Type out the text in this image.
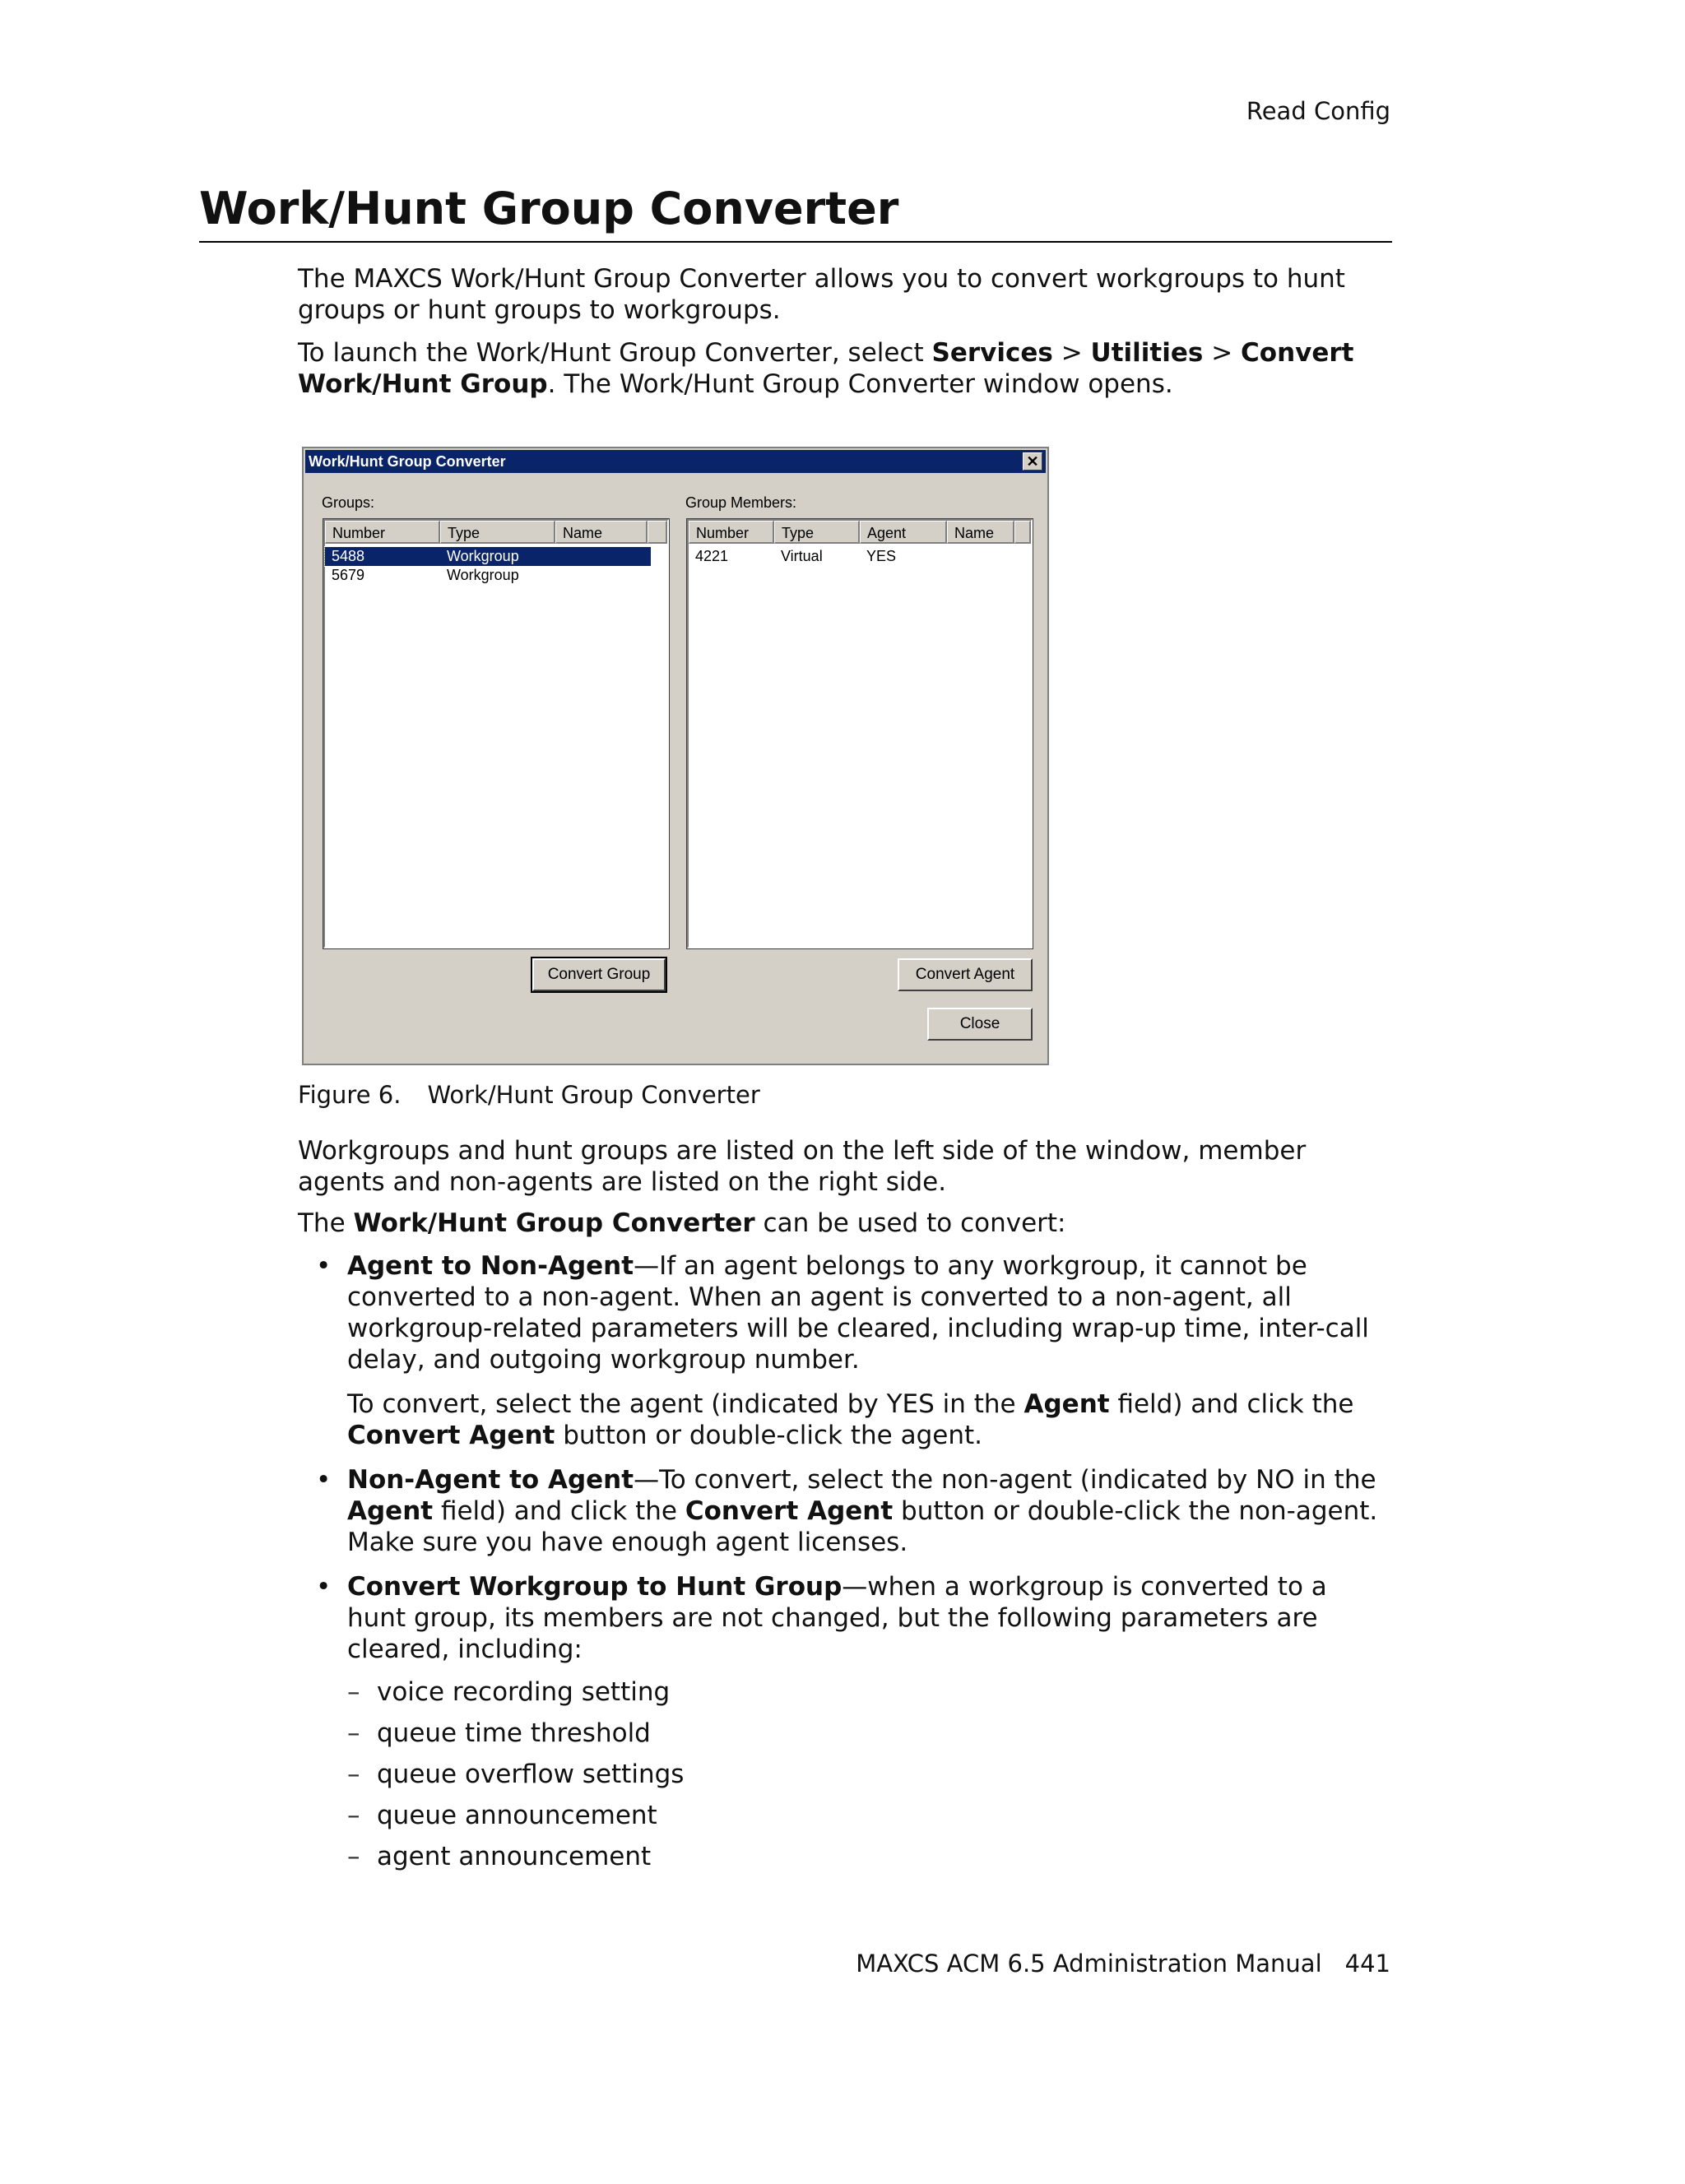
Read Config
Work/Hunt Group Converter

The MAXCS Work/Hunt Group Converter allows you to convert workgroups to hunt groups or hunt groups to workgroups.

To launch the Work/Hunt Group Converter, select Services > Utilities > Convert Work/Hunt Group. The Work/Hunt Group Converter window opens.

Work/Hunt Group Converter	✕
Groups:	Group Members:
Number	Type	Name
5488	Workgroup
5679	Workgroup
Number	Type	Agent	Name
4221	Virtual	YES
Convert Group	Convert Agent
Close
Figure 6. Work/Hunt Group Converter

Workgroups and hunt groups are listed on the left side of the window, member agents and non-agents are listed on the right side.

The Work/Hunt Group Converter can be used to convert:

• Agent to Non-Agent—If an agent belongs to any workgroup, it cannot be converted to a non-agent. When an agent is converted to a non-agent, all workgroup-related parameters will be cleared, including wrap-up time, inter-call delay, and outgoing workgroup number.
To convert, select the agent (indicated by YES in the Agent field) and click the Convert Agent button or double-click the agent.
• Non-Agent to Agent—To convert, select the non-agent (indicated by NO in the Agent field) and click the Convert Agent button or double-click the non-agent. Make sure you have enough agent licenses.
• Convert Workgroup to Hunt Group—when a workgroup is converted to a hunt group, its members are not changed, but the following parameters are cleared, including:
– voice recording setting
– queue time threshold
– queue overflow settings
– queue announcement
– agent announcement
MAXCS ACM 6.5 Administration Manual 441
